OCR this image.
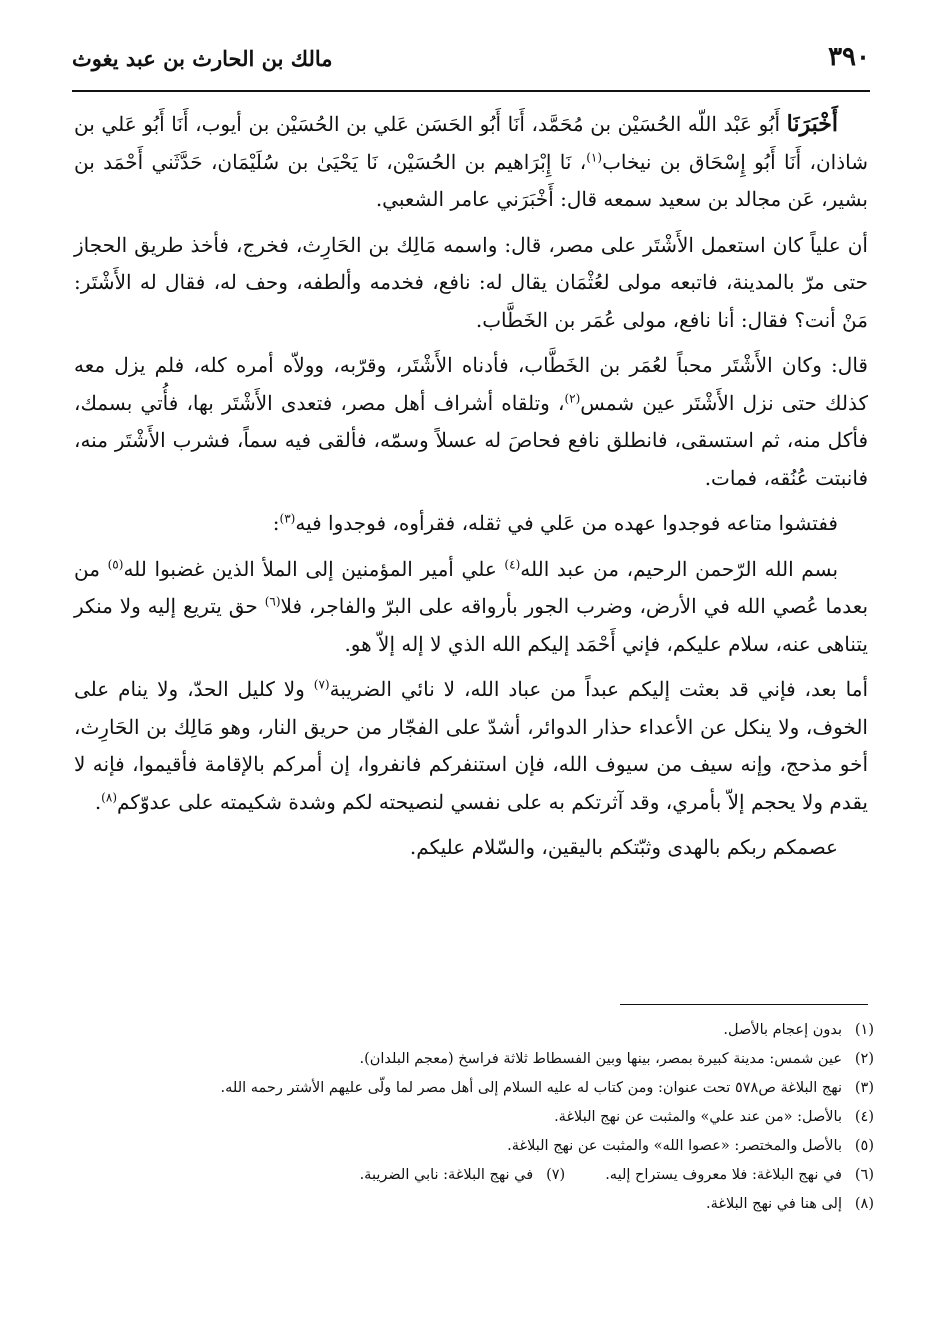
٣٩٠
مالك بن الحارث بن عبد يغوث

أَخْبَرَنَا أَبُو عَبْد اللّه الحُسَيْن بن مُحَمَّد، أَنَا أَبُو الحَسَن عَلي بن الحُسَيْن بن أيوب، أَنَا أَبُو عَلي بن شاذان، أَنَا أَبُو إِسْحَاق بن نيخاب$^{(١)}$، نَا إِبْرَاهيم بن الحُسَيْن، نَا يَحْيَىٰ بن سُلَيْمَان، حَدَّثَني أَحْمَد بن بشير، عَن مجالد بن سعيد سمعه قال: أَخْبَرَني عامر الشعبي.

أن علياً كان استعمل الأَشْتَر على مصر، قال: واسمه مَالِك بن الحَارِث، فخرج، فأخذ طريق الحجاز حتى مرّ بالمدينة، فاتبعه مولى لعُثْمَان يقال له: نافع، فخدمه وألطفه، وحف له، فقال له الأَشْتَر: مَنْ أنت؟ فقال: أنا نافع، مولى عُمَر بن الخَطَّاب.

قال: وكان الأَشْتَر محباً لعُمَر بن الخَطَّاب، فأدناه الأَشْتَر، وقرّبه، وولاّه أمره كله، فلم يزل معه كذلك حتى نزل الأَشْتَر عين شمس$^{(٢)}$، وتلقاه أشراف أهل مصر، فتعدى الأَشْتَر بها، فأُتي بسمك، فأكل منه، ثم استسقى، فانطلق نافع فحاصَ له عسلاً وسمّه، فألقى فيه سماً، فشرب الأَشْتَر منه، فانبتت عُنُقه، فمات.

ففتشوا متاعه فوجدوا عهده من عَلي في ثقله، فقرأوه، فوجدوا فيه$^{(٣)}$:

بسم الله الرّحمن الرحيم، من عبد الله$^{(٤)}$ علي أمير المؤمنين إلى الملأ الذين غضبوا لله$^{(٥)}$ من بعدما عُصي الله في الأرض، وضرب الجور بأرواقه على البرّ والفاجر، فلا$^{(٦)}$ حق يتريع إليه ولا منكر يتناهى عنه، سلام عليكم، فإني أَحْمَد إليكم الله الذي لا إله إلاّ هو.

أما بعد، فإني قد بعثت إليكم عبداً من عباد الله، لا نائي الضريبة$^{(٧)}$ ولا كليل الحدّ، ولا ينام على الخوف، ولا ينكل عن الأعداء حذار الدوائر، أشدّ على الفجّار من حريق النار، وهو مَالِك بن الحَارِث، أخو مذحج، وإنه سيف من سيوف الله، فإن استنفركم فانفروا، إن أمركم بالإقامة فأقيموا، فإنه لا يقدم ولا يحجم إلاّ بأمري، وقد آثرتكم به على نفسي لنصيحته لكم وشدة شكيمته على عدوّكم$^{(٨)}$.

عصمكم ربكم بالهدى وثبّتكم باليقين، والسّلام عليكم.

(١)بدون إعجام بالأصل.
(٢)عين شمس: مدينة كبيرة بمصر، بينها وبين الفسطاط ثلاثة فراسخ (معجم البلدان).
(٣)نهج البلاغة ص٥٧٨ تحت عنوان: ومن كتاب له عليه السلام إلى أهل مصر لما ولّى عليهم الأشتر رحمه الله.
(٤)بالأصل: «من عند علي» والمثبت عن نهج البلاغة.
(٥)بالأصل والمختصر: «عصوا الله» والمثبت عن نهج البلاغة.
(٦)في نهج البلاغة: فلا معروف يستراح إليه.(٧)في نهج البلاغة: نابي الضريبة.
(٨)إلى هنا في نهج البلاغة.
